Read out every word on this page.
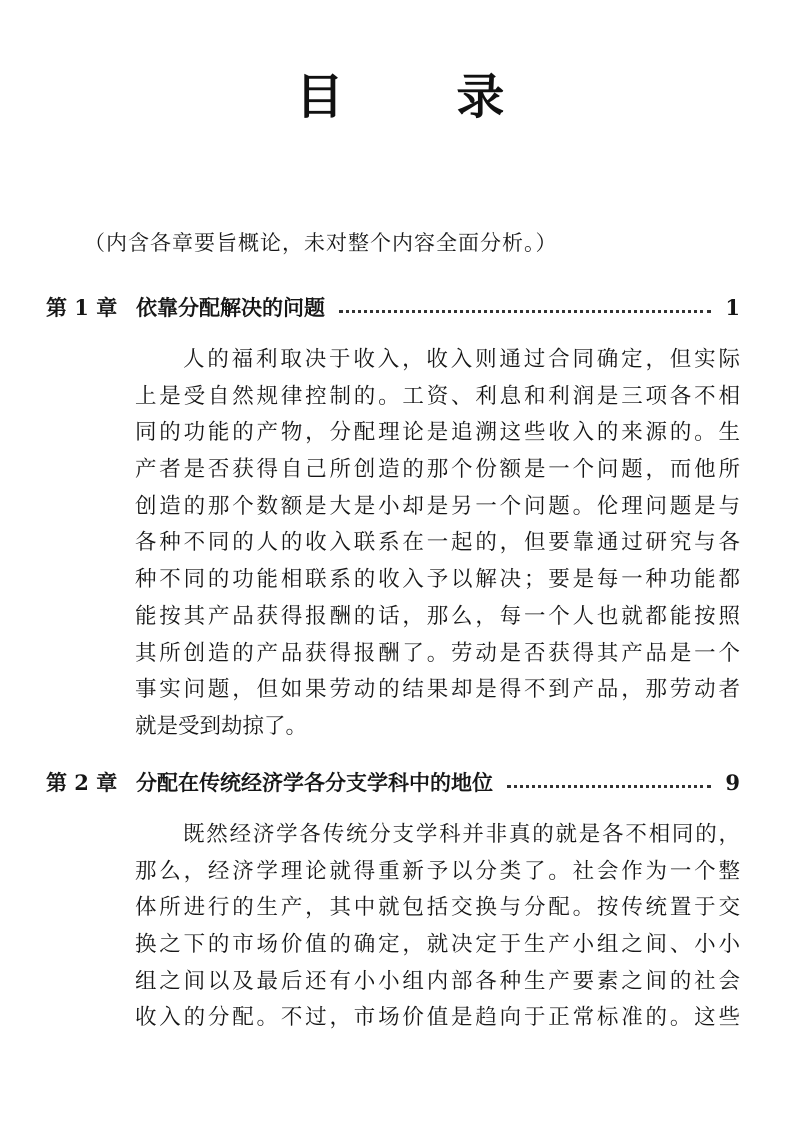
目 录
（内含各章要旨概论，未对整个内容全面分析。）
第 1 章 依靠分配解决的问题	1
人的福利取决于收入，收入则通过合同确定，但实际
上是受自然规律控制的。工资、利息和利润是三项各不相
同的功能的产物，分配理论是追溯这些收入的来源的。生
产者是否获得自己所创造的那个份额是一个问题，而他所
创造的那个数额是大是小却是另一个问题。伦理问题是与
各种不同的人的收入联系在一起的，但要靠通过研究与各
种不同的功能相联系的收入予以解决；要是每一种功能都
能按其产品获得报酬的话，那么，每一个人也就都能按照
其所创造的产品获得报酬了。劳动是否获得其产品是一个
事实问题，但如果劳动的结果却是得不到产品，那劳动者
就是受到劫掠了。
第 2 章 分配在传统经济学各分支学科中的地位	9
既然经济学各传统分支学科并非真的就是各不相同的，
那么，经济学理论就得重新予以分类了。社会作为一个整
体所进行的生产，其中就包括交换与分配。按传统置于交
换之下的市场价值的确定，就决定于生产小组之间、小小
组之间以及最后还有小小组内部各种生产要素之间的社会
收入的分配。不过，市场价值是趋向于正常标准的。这些
